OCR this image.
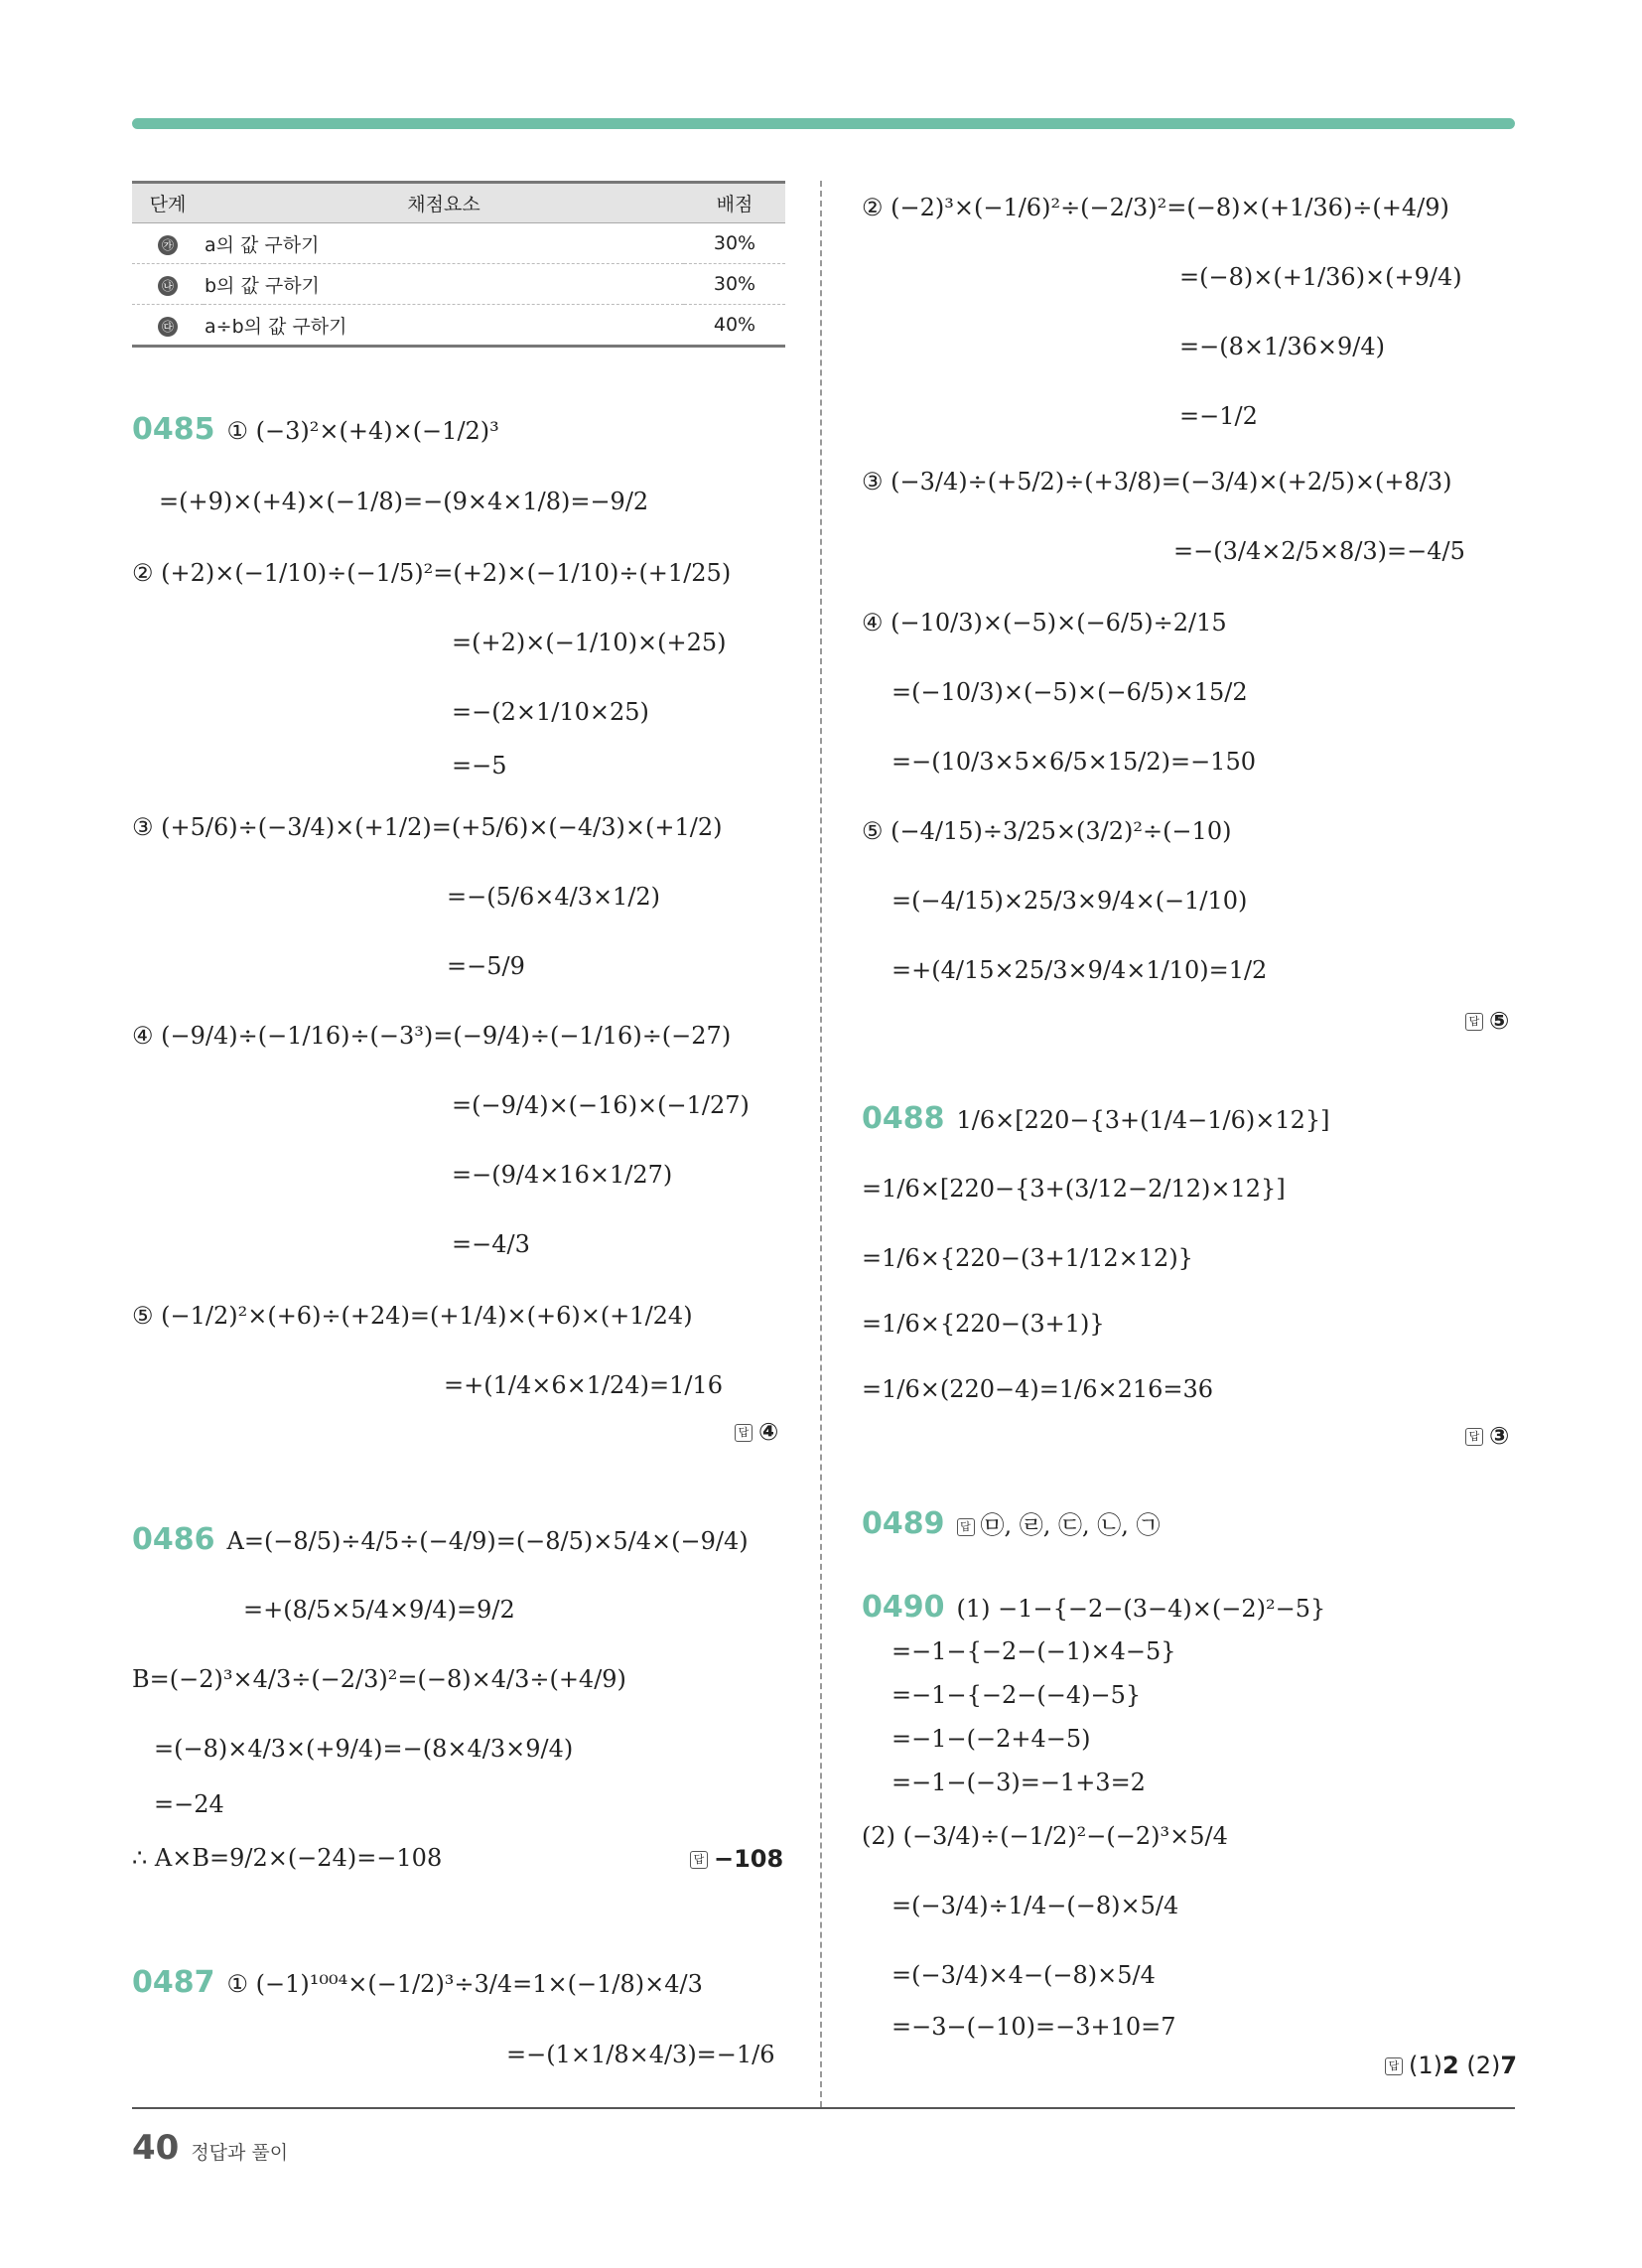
단계	채점요소	배점
㉮	a의 값 구하기	30%
㉯	b의 값 구하기	30%
㉰	a÷b의 값 구하기	40%
0485 ① (−3)²×(+4)×(−1/2)³
=(+9)×(+4)×(−1/8)=−(9×4×1/8)=−9/2
② (+2)×(−1/10)÷(−1/5)²=(+2)×(−1/10)÷(+1/25)
=(+2)×(−1/10)×(+25)
=−(2×1/10×25)
=−5
③ (+5/6)÷(−3/4)×(+1/2)=(+5/6)×(−4/3)×(+1/2)
=−(5/6×4/3×1/2)
=−5/9
④ (−9/4)÷(−1/16)÷(−3³)=(−9/4)÷(−1/16)÷(−27)
=(−9/4)×(−16)×(−1/27)
=−(9/4×16×1/27)
=−4/3
⑤ (−1/2)²×(+6)÷(+24)=(+1/4)×(+6)×(+1/24)
=+(1/4×6×1/24)=1/16
답 ④
0486 A=(−8/5)÷4/5÷(−4/9)=(−8/5)×5/4×(−9/4)
=+(8/5×5/4×9/4)=9/2
B=(−2)³×4/3÷(−2/3)²=(−8)×4/3÷(+4/9)
=(−8)×4/3×(+9/4)=−(8×4/3×9/4)
=−24
∴ A×B=9/2×(−24)=−108	답 −108
0487 ① (−1)¹⁰⁰⁴×(−1/2)³÷3/4=1×(−1/8)×4/3
=−(1×1/8×4/3)=−1/6
② (−2)³×(−1/6)²÷(−2/3)²=(−8)×(+1/36)÷(+4/9)
=(−8)×(+1/36)×(+9/4)
=−(8×1/36×9/4)
=−1/2
③ (−3/4)÷(+5/2)÷(+3/8)=(−3/4)×(+2/5)×(+8/3)
=−(3/4×2/5×8/3)=−4/5
④ (−10/3)×(−5)×(−6/5)÷2/15
=(−10/3)×(−5)×(−6/5)×15/2
=−(10/3×5×6/5×15/2)=−150
⑤ (−4/15)÷3/25×(3/2)²÷(−10)
=(−4/15)×25/3×9/4×(−1/10)
=+(4/15×25/3×9/4×1/10)=1/2
답 ⑤
0488 1/6×[220−{3+(1/4−1/6)×12}]
=1/6×[220−{3+(3/12−2/12)×12}]
=1/6×{220−(3+1/12×12)}
=1/6×{220−(3+1)}
=1/6×(220−4)=1/6×216=36
답 ③
0489 답 ㉤, ㉣, ㉢, ㉡, ㉠
0490 (1) −1−{−2−(3−4)×(−2)²−5}
=−1−{−2−(−1)×4−5}
=−1−{−2−(−4)−5}
=−1−(−2+4−5)
=−1−(−3)=−1+3=2
(2) (−3/4)÷(−1/2)²−(−2)³×5/4
=(−3/4)÷1/4−(−8)×5/4
=(−3/4)×4−(−8)×5/4
=−3−(−10)=−3+10=7
답 (1)2 (2)7
40 정답과 풀이
